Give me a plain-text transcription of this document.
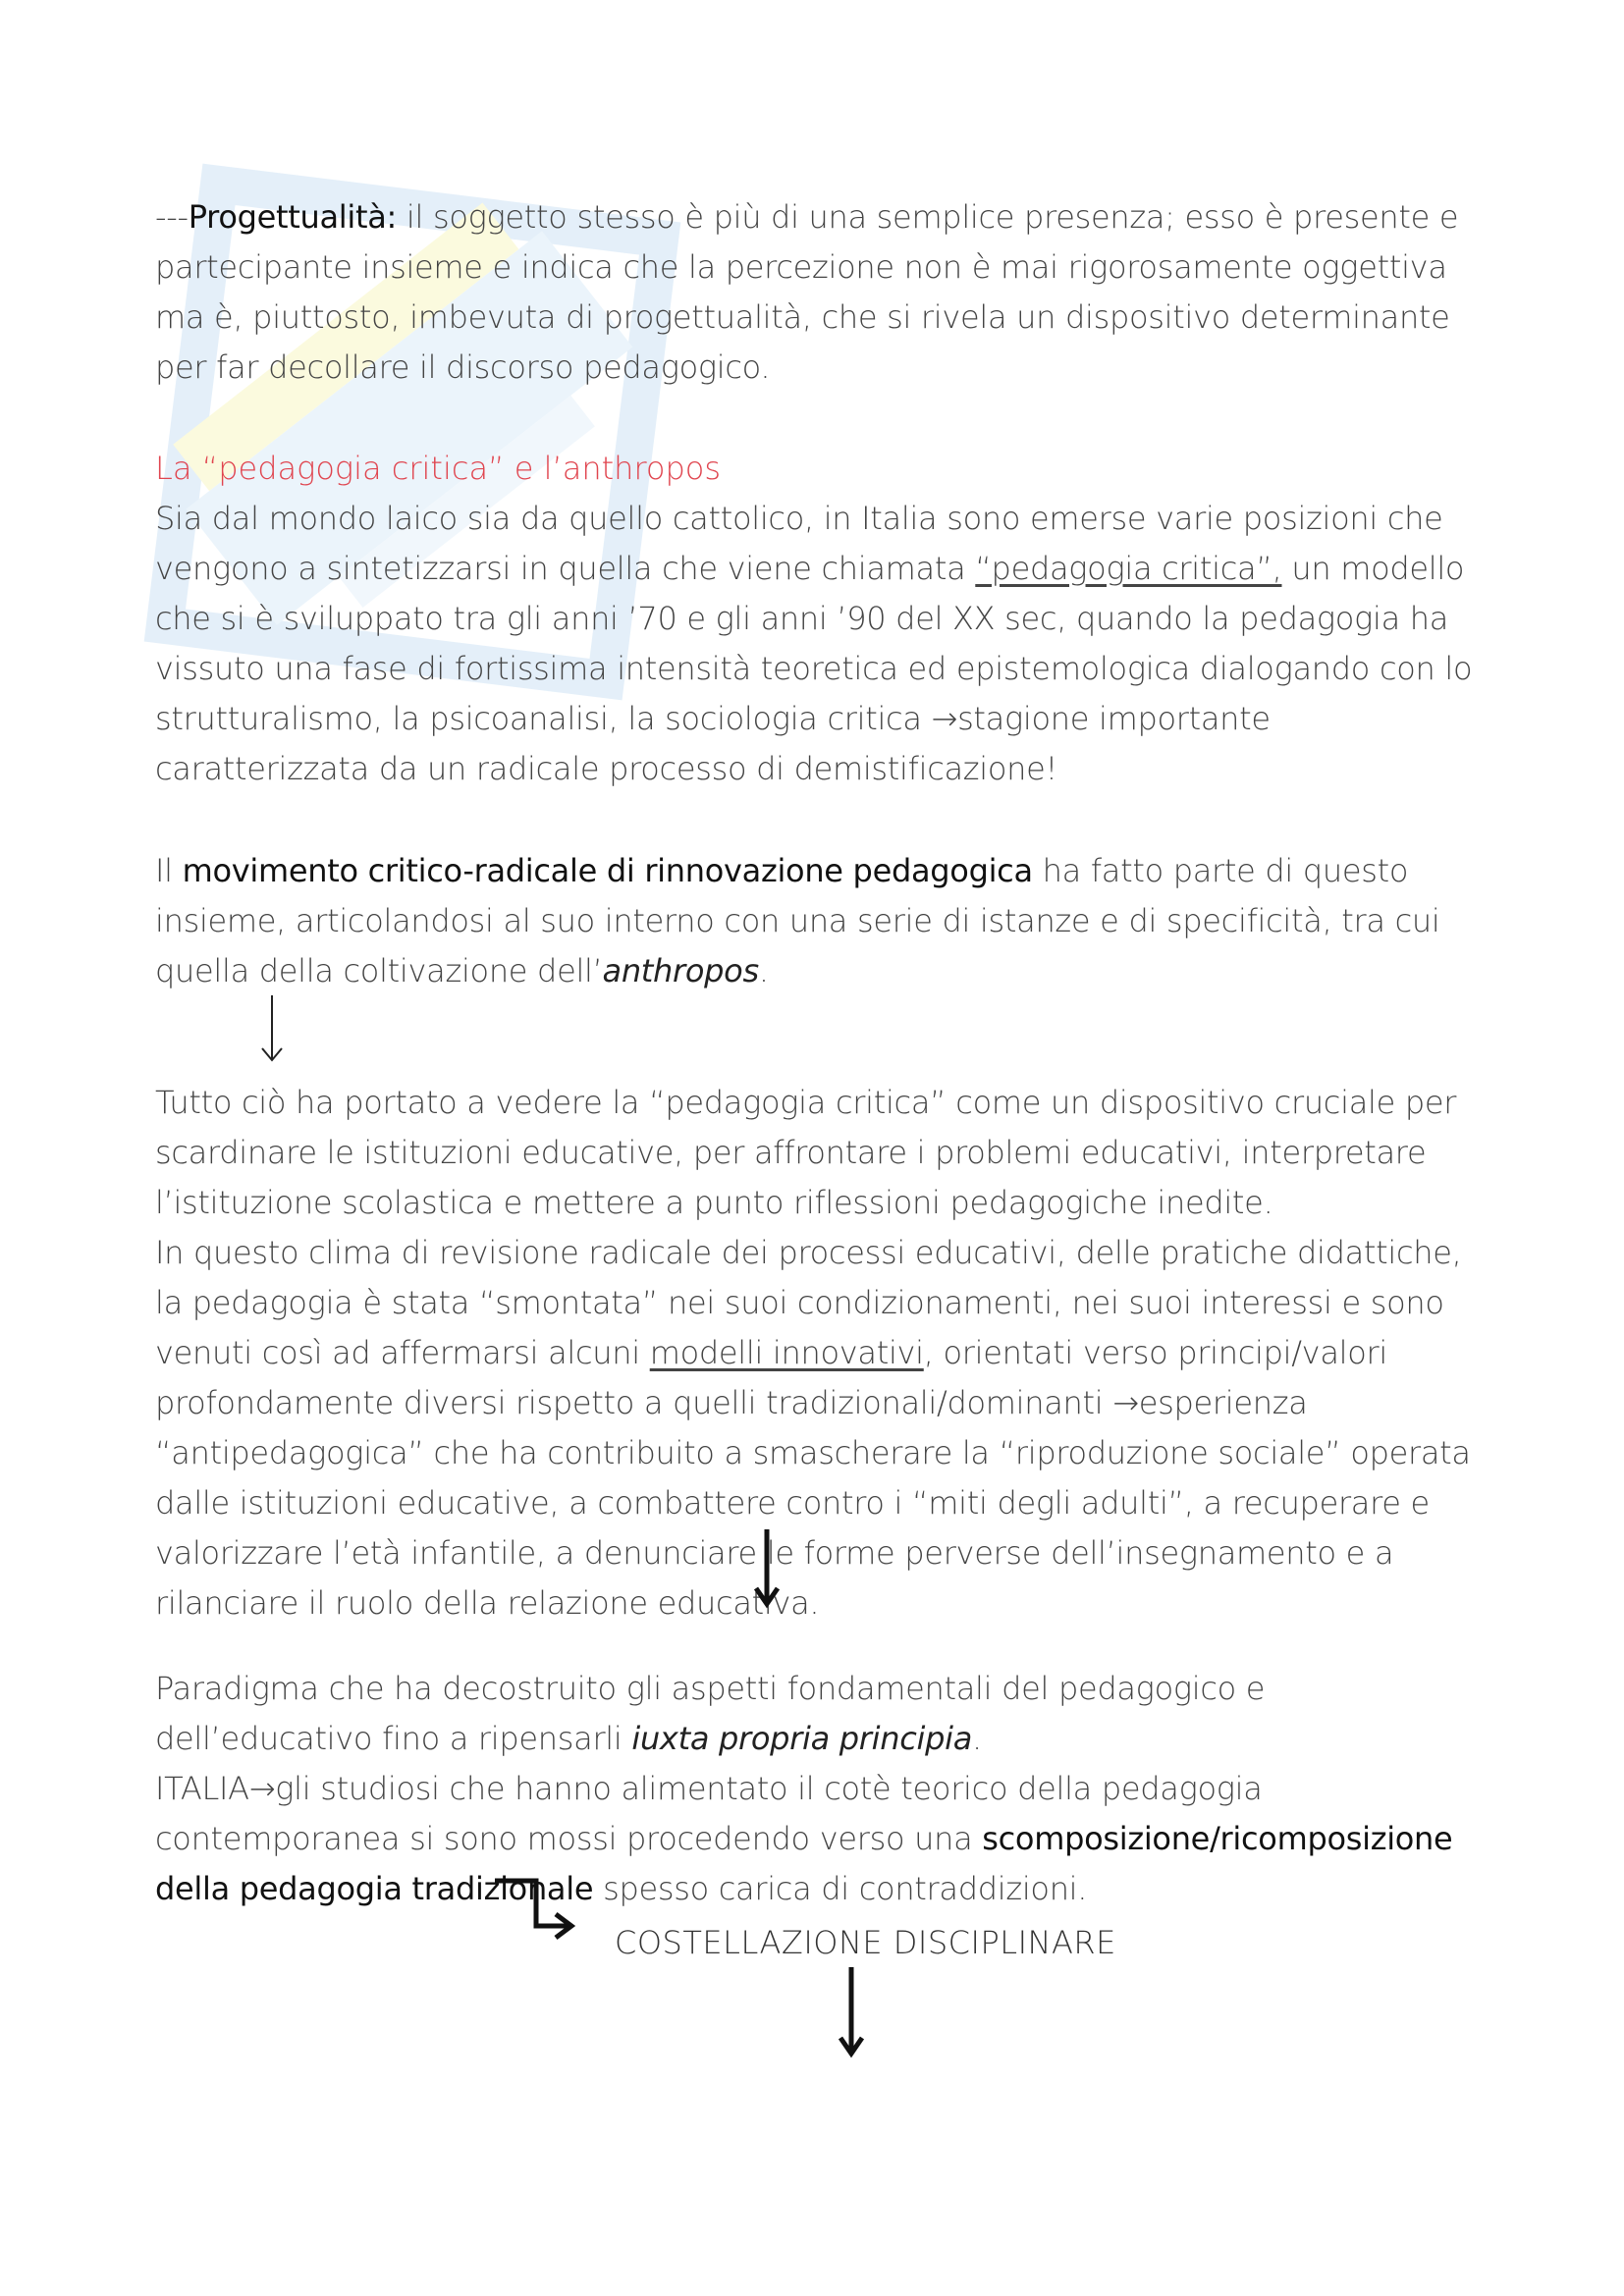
---Progettualità: il soggetto stesso è più di una semplice presenza; esso è presente e partecipante insieme e indica che la percezione non è mai rigorosamente oggettiva ma è, piuttosto, imbevuta di progettualità, che si rivela un dispositivo determinante per far decollare il discorso pedagogico.

La “pedagogia critica” e l’anthropos

Sia dal mondo laico sia da quello cattolico, in Italia sono emerse varie posizioni che vengono a sintetizzarsi in quella che viene chiamata “pedagogia critica”, un modello che si è sviluppato tra gli anni ’70 e gli anni ’90 del XX sec, quando la pedagogia ha vissuto una fase di fortissima intensità teoretica ed epistemologica dialogando con lo strutturalismo, la psicoanalisi, la sociologia critica →stagione importante caratterizzata da un radicale processo di demistificazione!

Il movimento critico-radicale di rinnovazione pedagogica ha fatto parte di questo insieme, articolandosi al suo interno con una serie di istanze e di specificità, tra cui quella della coltivazione dell’anthropos.

Tutto ciò ha portato a vedere la “pedagogia critica” come un dispositivo cruciale per scardinare le istituzioni educative, per affrontare i problemi educativi, interpretare l’istituzione scolastica e mettere a punto riflessioni pedagogiche inedite.
In questo clima di revisione radicale dei processi educativi, delle pratiche didattiche, la pedagogia è stata “smontata” nei suoi condizionamenti, nei suoi interessi e sono venuti così ad affermarsi alcuni modelli innovativi, orientati verso principi/valori profondamente diversi rispetto a quelli tradizionali/dominanti →esperienza “antipedagogica” che ha contribuito a smascherare la “riproduzione sociale” operata dalle istituzioni educative, a combattere contro i “miti degli adulti”, a recuperare e valorizzare l’età infantile, a denunciare le forme perverse dell’insegnamento e a rilanciare il ruolo della relazione educativa.

Paradigma che ha decostruito gli aspetti fondamentali del pedagogico e dell’educativo fino a ripensarli iuxta propria principia.
ITALIA→gli studiosi che hanno alimentato il cotè teorico della pedagogia contemporanea si sono mossi procedendo verso una scomposizione/ricomposizione della pedagogia tradizionale spesso carica di contraddizioni.

COSTELLAZIONE DISCIPLINARE
